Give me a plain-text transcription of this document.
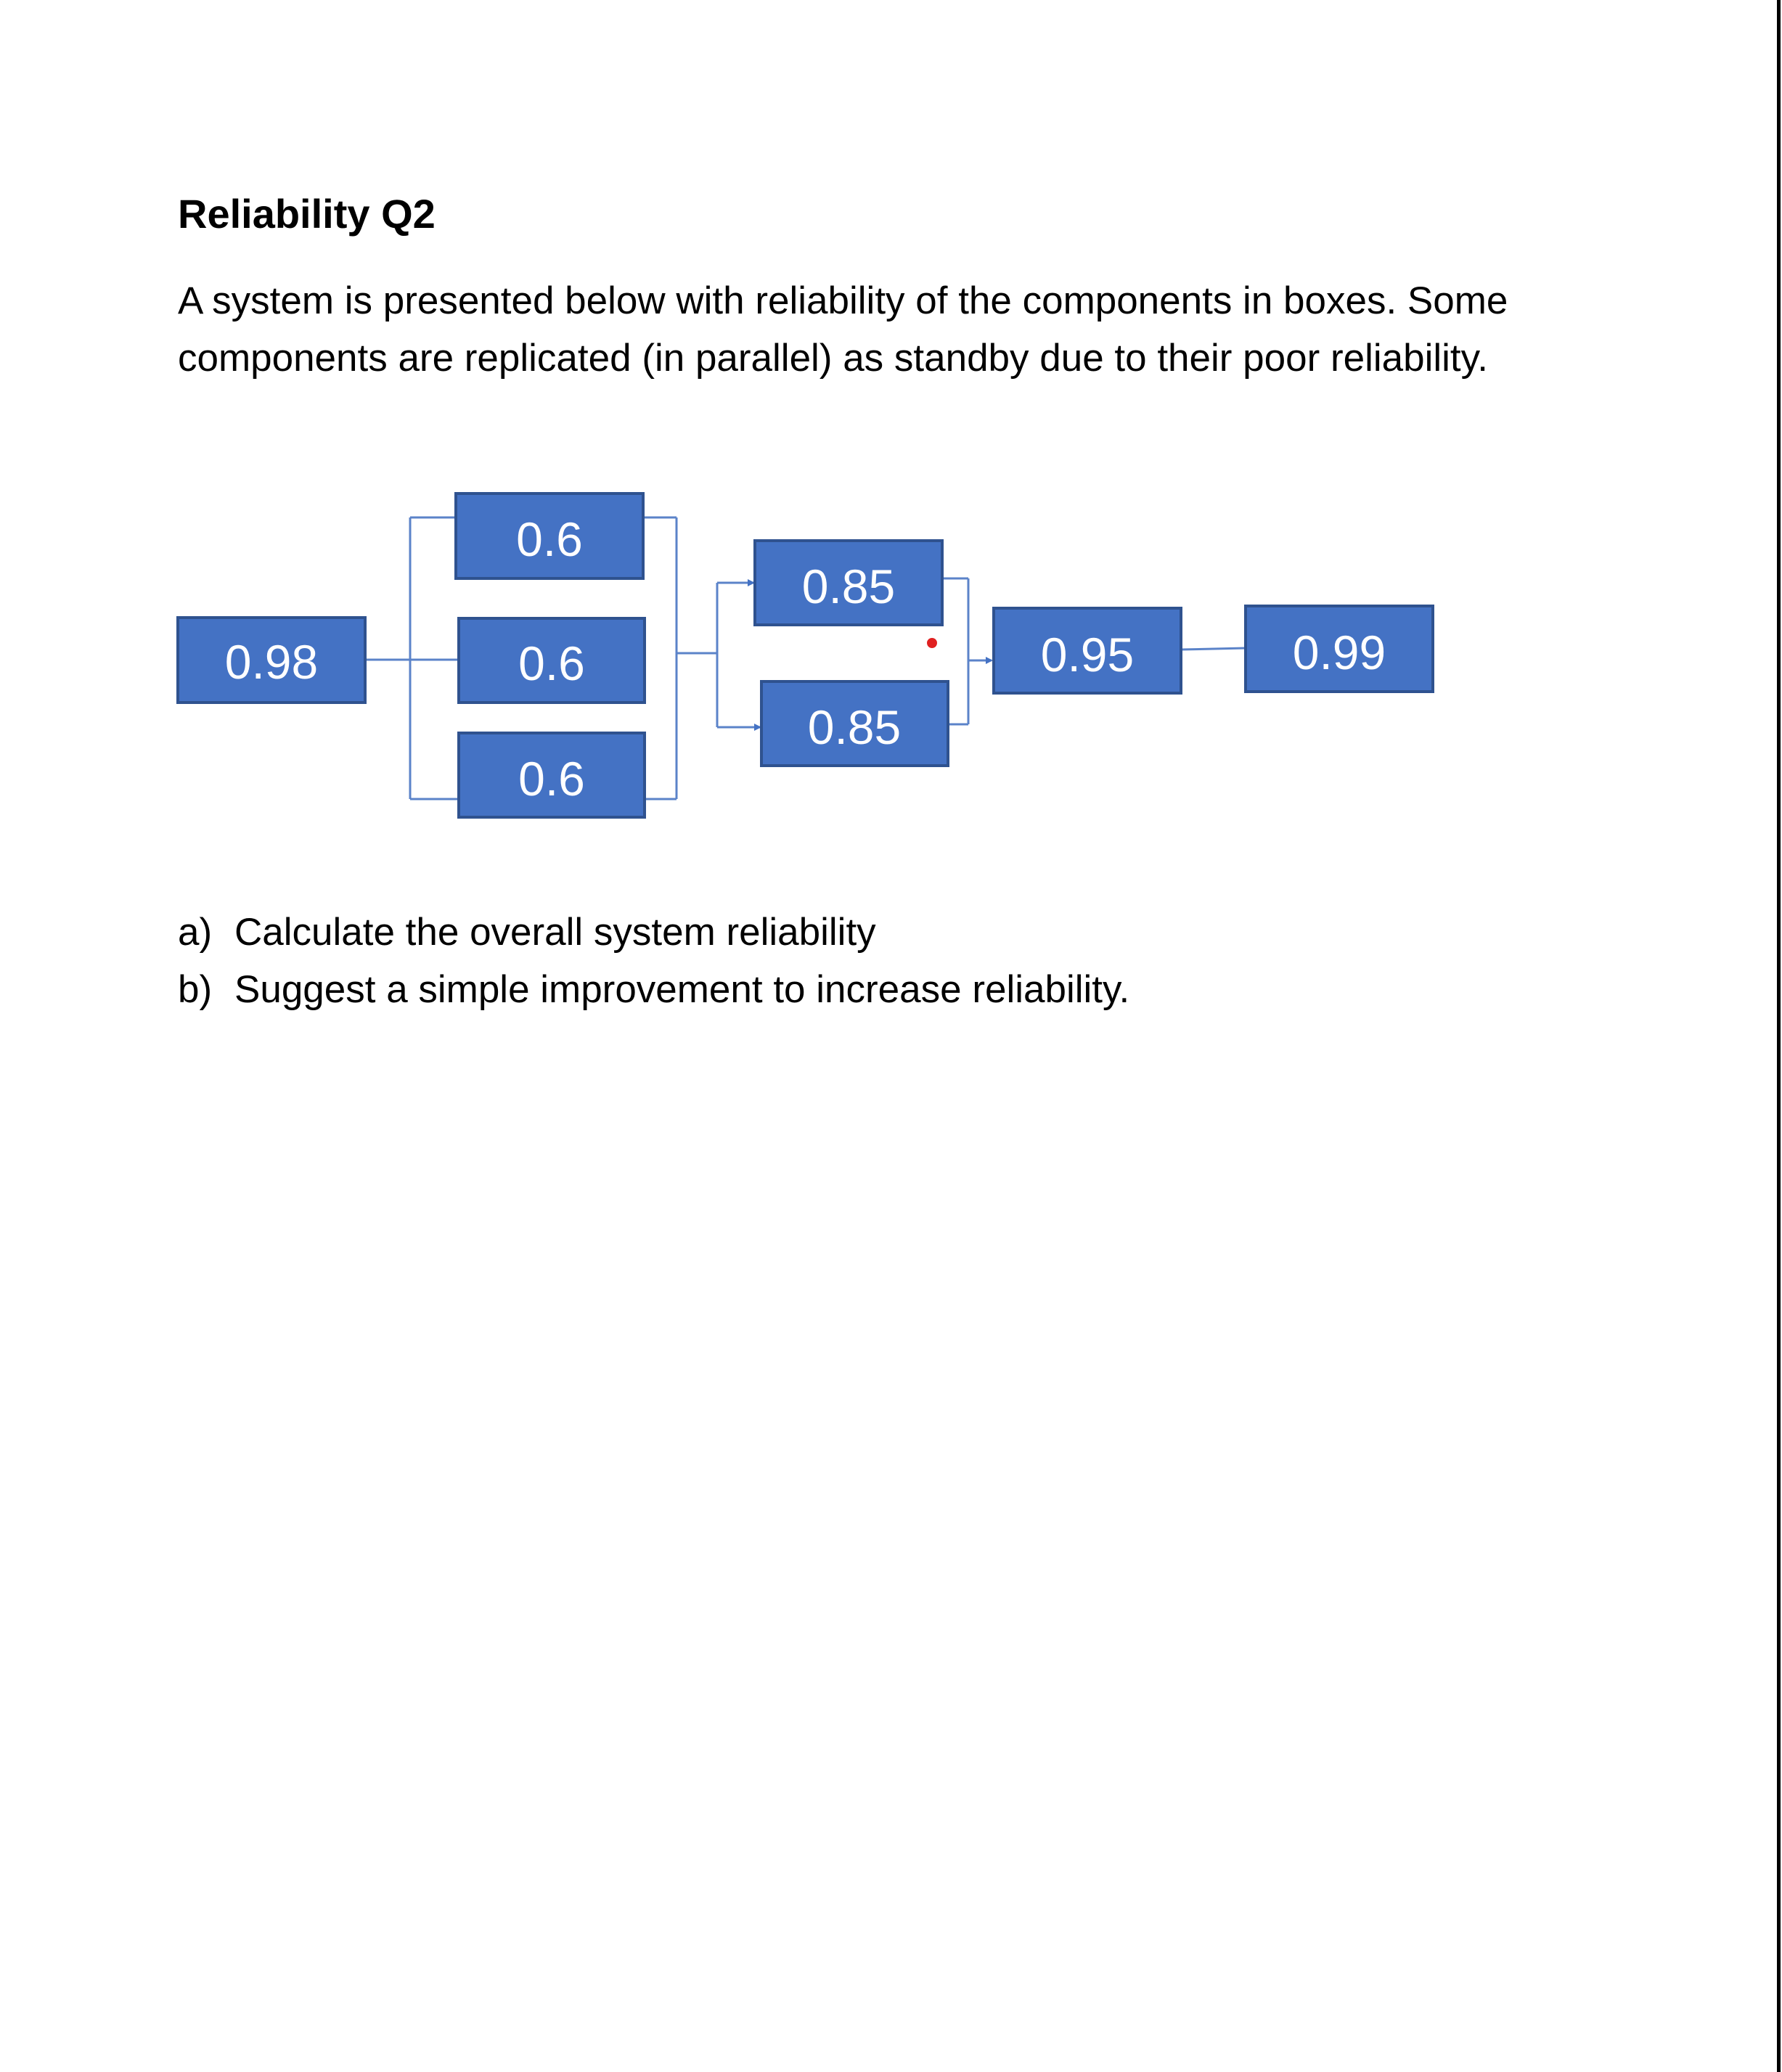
Reliability Q2
A system is presented below with reliability of the components in boxes. Some
components are replicated (in parallel) as standby due to their poor reliability.
0.98
0.6
0.6
0.6
0.85
0.85
0.95	0.99
a) Calculate the overall system reliability
b) Suggest a simple improvement to increase reliability.
